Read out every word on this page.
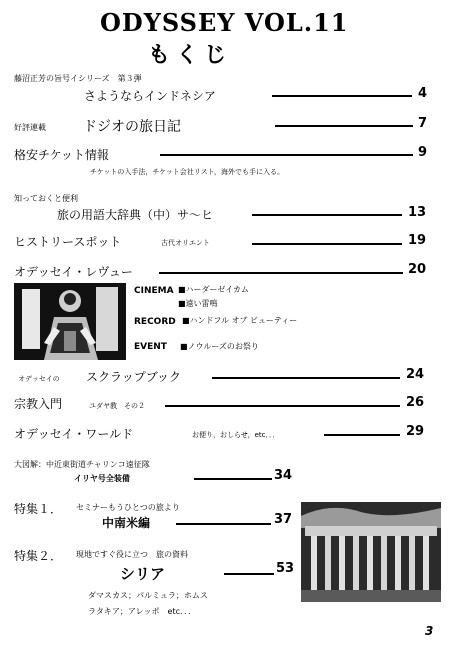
ODYSSEY VOL.11
もくじ
藤沼正芳の旨号イシリーズ　第３弾
さようならインドネシア	4
好評連載	ドジオの旅日記	7
格安チケット情報	9
チケットの入手法，チケット会社リスト，海外でも手に入る。
知っておくと便利
旅の用語大辞典（中）サ〜ヒ	13
ヒストリースポット	古代オリエント	19
オデッセイ・レヴュー	20
CINEMA ■ハーダーゼイカム
■遠い雷鳴
RECORD ■ハンドフル オブ ビューティー
EVENT ■ノウルーズのお祭り
オデッセイの スクラップブック	24
宗教入門	ユダヤ教　その２	26
オデッセイ・ワールド	お便り，おしらせ，etc．．．	29
大図解：中近東街道チャリンコ遠征隊
イリヤ号全装備	34
特集１． セミナーもうひとつの旅より
中南米編	37
特集２． 現地ですぐ役に立つ　旅の資料
シリア	53
ダマスカス；パルミュラ；ホムス
ラタキア；アレッポ　etc．．．
3
